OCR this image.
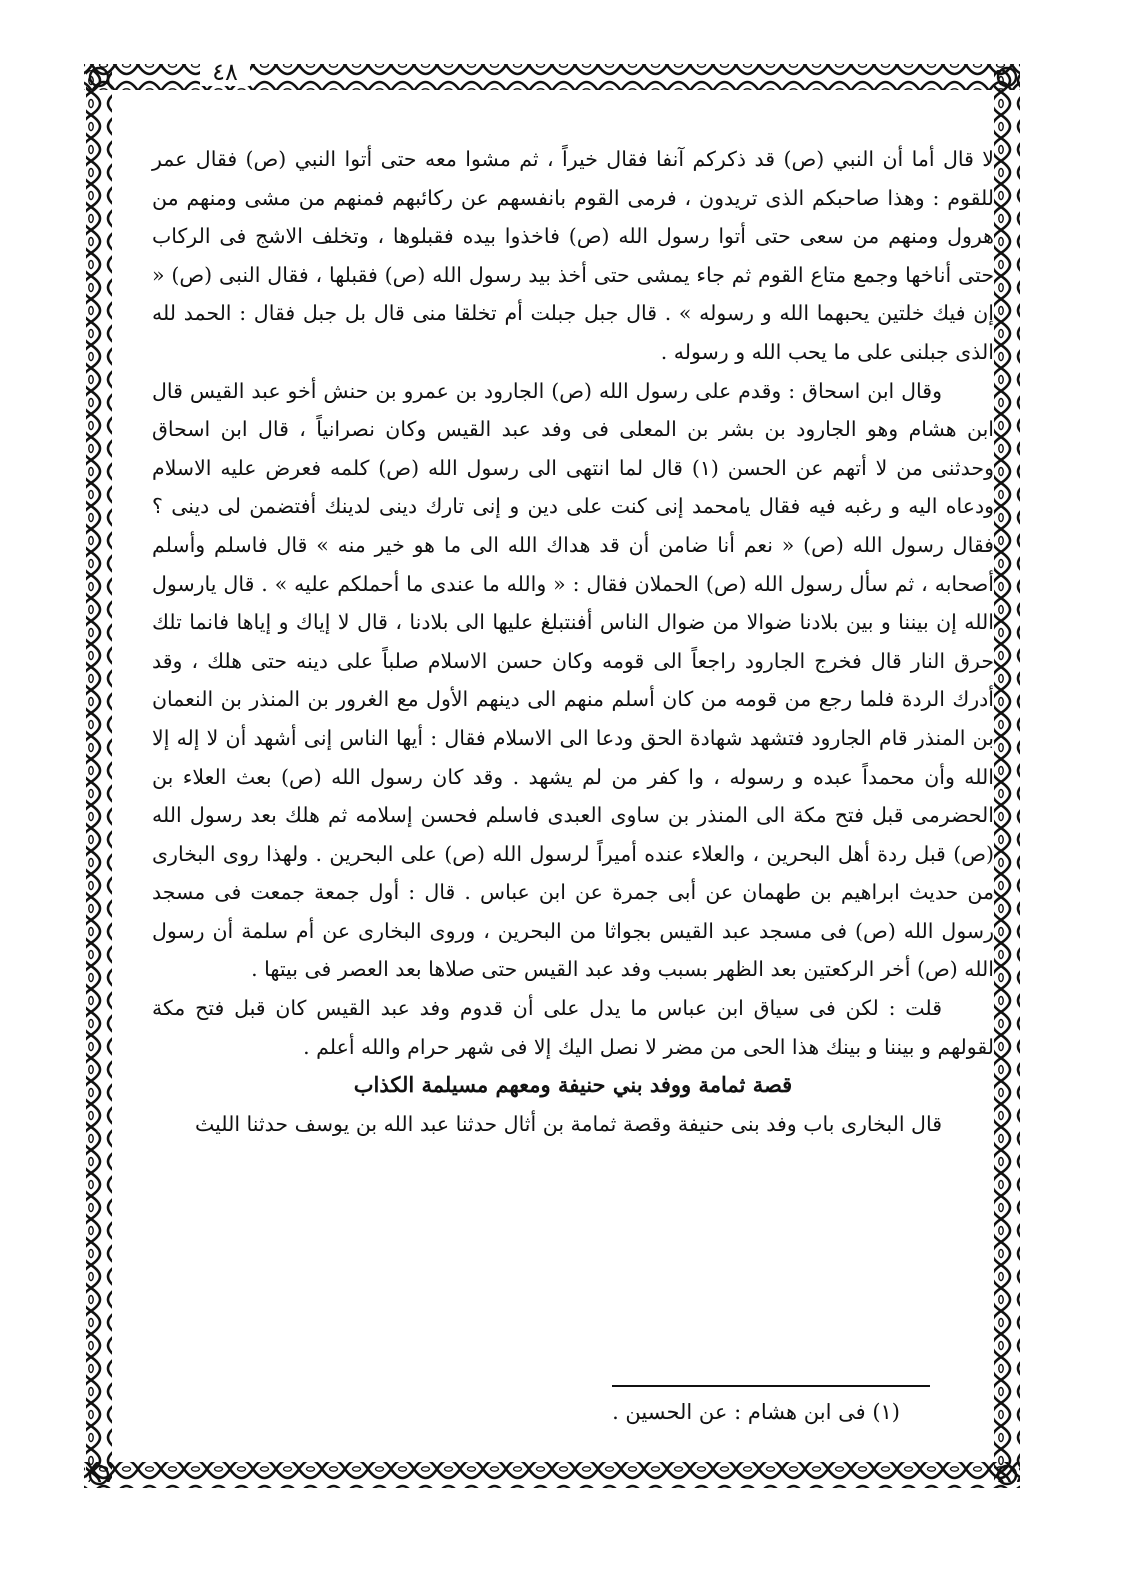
٤٨

لا قال أما أن النبي (ص) قد ذكركم آنفا فقال خيراً ، ثم مشوا معه حتى أتوا النبي (ص) فقال عمر للقوم : وهذا صاحبكم الذى تريدون ، فرمى القوم بانفسهم عن ركائبهم فمنهم من مشى ومنهم من هرول ومنهم من سعى حتى أتوا رسول الله (ص) فاخذوا بيده فقبلوها ، وتخلف الاشج فى الركاب حتى أناخها وجمع متاع القوم ثم جاء يمشى حتى أخذ بيد رسول الله (ص) فقبلها ، فقال النبى (ص) « إن فيك خلتين يحبهما الله و رسوله » . قال جبل جبلت أم تخلقا منى قال بل جبل فقال : الحمد لله الذى جبلنى على ما يحب الله و رسوله .

وقال ابن اسحاق : وقدم على رسول الله (ص) الجارود بن عمرو بن حنش أخو عبد القيس قال ابن هشام وهو الجارود بن بشر بن المعلى فى وفد عبد القيس وكان نصرانياً ، قال ابن اسحاق وحدثنى من لا أتهم عن الحسن (١) قال لما انتهى الى رسول الله (ص) كلمه فعرض عليه الاسلام ودعاه اليه و رغبه فيه فقال يامحمد إنى كنت على دين و إنى تارك دينى لدينك أفتضمن لى دينى ؟ فقال رسول الله (ص) « نعم أنا ضامن أن قد هداك الله الى ما هو خير منه » قال فاسلم وأسلم أصحابه ، ثم سأل رسول الله (ص) الحملان فقال : « والله ما عندى ما أحملكم عليه » . قال يارسول الله إن بيننا و بين بلادنا ضوالا من ضوال الناس أفنتبلغ عليها الى بلادنا ، قال لا إياك و إياها فانما تلك حرق النار قال فخرج الجارود راجعاً الى قومه وكان حسن الاسلام صلباً على دينه حتى هلك ، وقد أدرك الردة فلما رجع من قومه من كان أسلم منهم الى دينهم الأول مع الغرور بن المنذر بن النعمان بن المنذر قام الجارود فتشهد شهادة الحق ودعا الى الاسلام فقال : أيها الناس إنى أشهد أن لا إله إلا الله وأن محمداً عبده و رسوله ، وا كفر من لم يشهد . وقد كان رسول الله (ص) بعث العلاء بن الحضرمى قبل فتح مكة الى المنذر بن ساوى العبدى فاسلم فحسن إسلامه ثم هلك بعد رسول الله (ص) قبل ردة أهل البحرين ، والعلاء عنده أميراً لرسول الله (ص) على البحرين . ولهذا روى البخارى من حديث ابراهيم بن طهمان عن أبى جمرة عن ابن عباس . قال : أول جمعة جمعت فى مسجد رسول الله (ص) فى مسجد عبد القيس بجواثا من البحرين ، وروى البخارى عن أم سلمة أن رسول الله (ص) أخر الركعتين بعد الظهر بسبب وفد عبد القيس حتى صلاها بعد العصر فى بيتها .

قلت : لكن فى سياق ابن عباس ما يدل على أن قدوم وفد عبد القيس كان قبل فتح مكة لقولهم و بيننا و بينك هذا الحى من مضر لا نصل اليك إلا فى شهر حرام والله أعلم .

قصة ثمامة ووفد بني حنيفة ومعهم مسيلمة الكذاب

قال البخارى باب وفد بنى حنيفة وقصة ثمامة بن أثال حدثنا عبد الله بن يوسف حدثنا الليث

(١) فى ابن هشام : عن الحسين .
